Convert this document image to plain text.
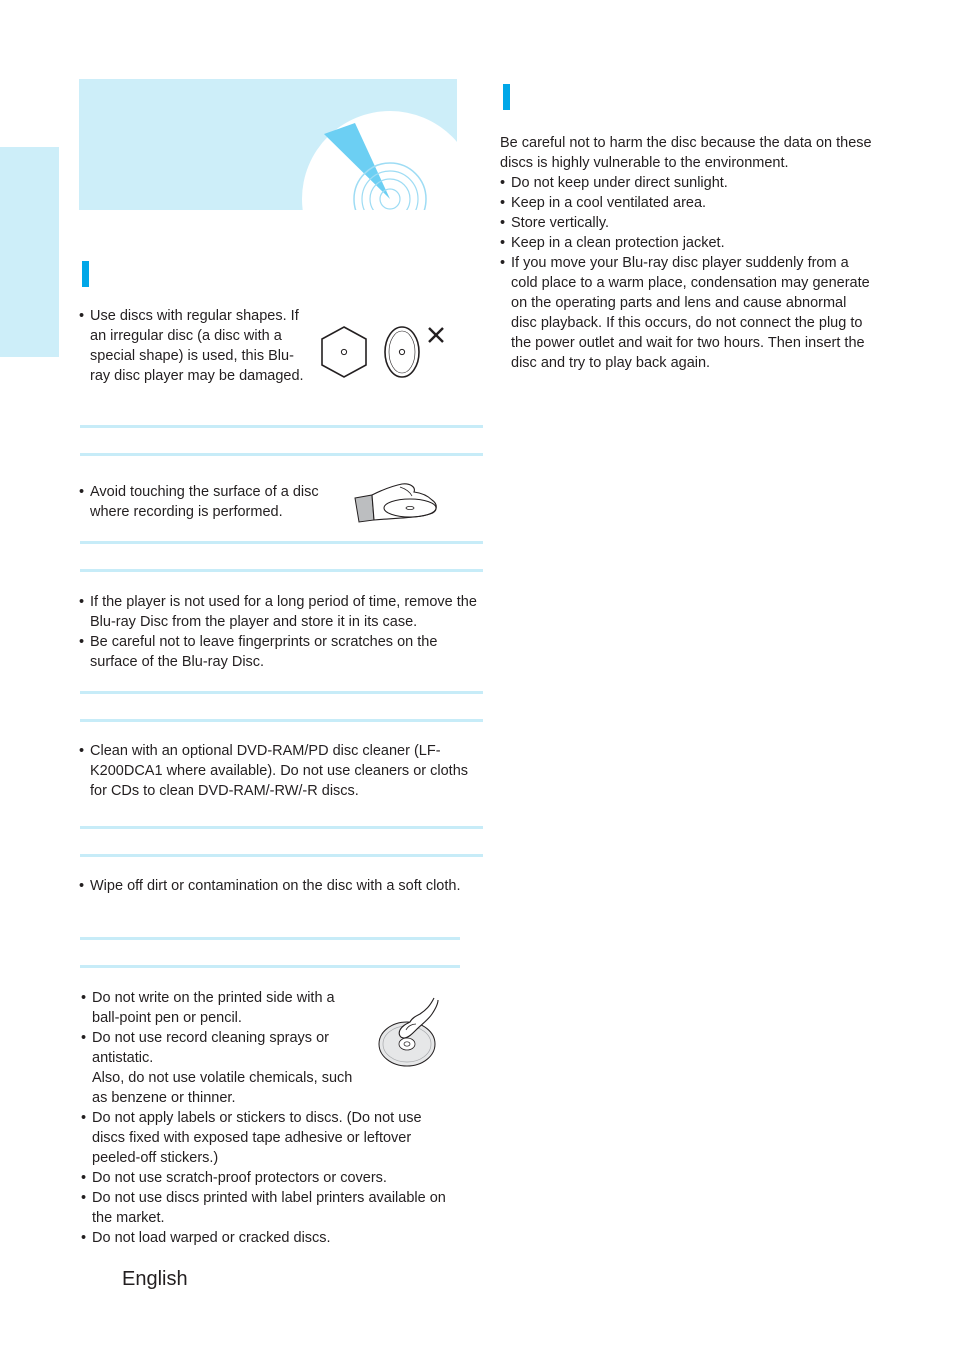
• Use discs with regular shapes. If an irregular disc (a disc with a special shape) is used, this Blu-ray disc player may be damaged.
• Avoid touching the surface of a disc where recording is performed.
• If the player is not used for a long period of time, remove the Blu-ray Disc from the player and store it in its case.
• Be careful not to leave fingerprints or scratches on the surface of the Blu-ray Disc.
• Clean with an optional DVD-RAM/PD disc cleaner (LF-K200DCA1 where available). Do not use cleaners or cloths for CDs to clean DVD-RAM/-RW/-R discs.
• Wipe off dirt or contamination on the disc with a soft cloth.
• Do not write on the printed side with a ball-point pen or pencil.
• Do not use record cleaning sprays or antistatic.
Also, do not use volatile chemicals, such as benzene or thinner.
• Do not apply labels or stickers to discs. (Do not use discs fixed with exposed tape adhesive or leftover peeled-off stickers.)
• Do not use scratch-proof protectors or covers.
• Do not use discs printed with label printers available on the market.
• Do not load warped or cracked discs.
Be careful not to harm the disc because the data on these discs is highly vulnerable to the environment.
• Do not keep under direct sunlight.
• Keep in a cool ventilated area.
• Store vertically.
• Keep in a clean protection jacket.
• If you move your Blu-ray disc player suddenly from a cold place to a warm place, condensation may generate on the operating parts and lens and cause abnormal disc playback. If this occurs, do not connect the plug to the power outlet and wait for two hours. Then insert the disc and try to play back again.
English
